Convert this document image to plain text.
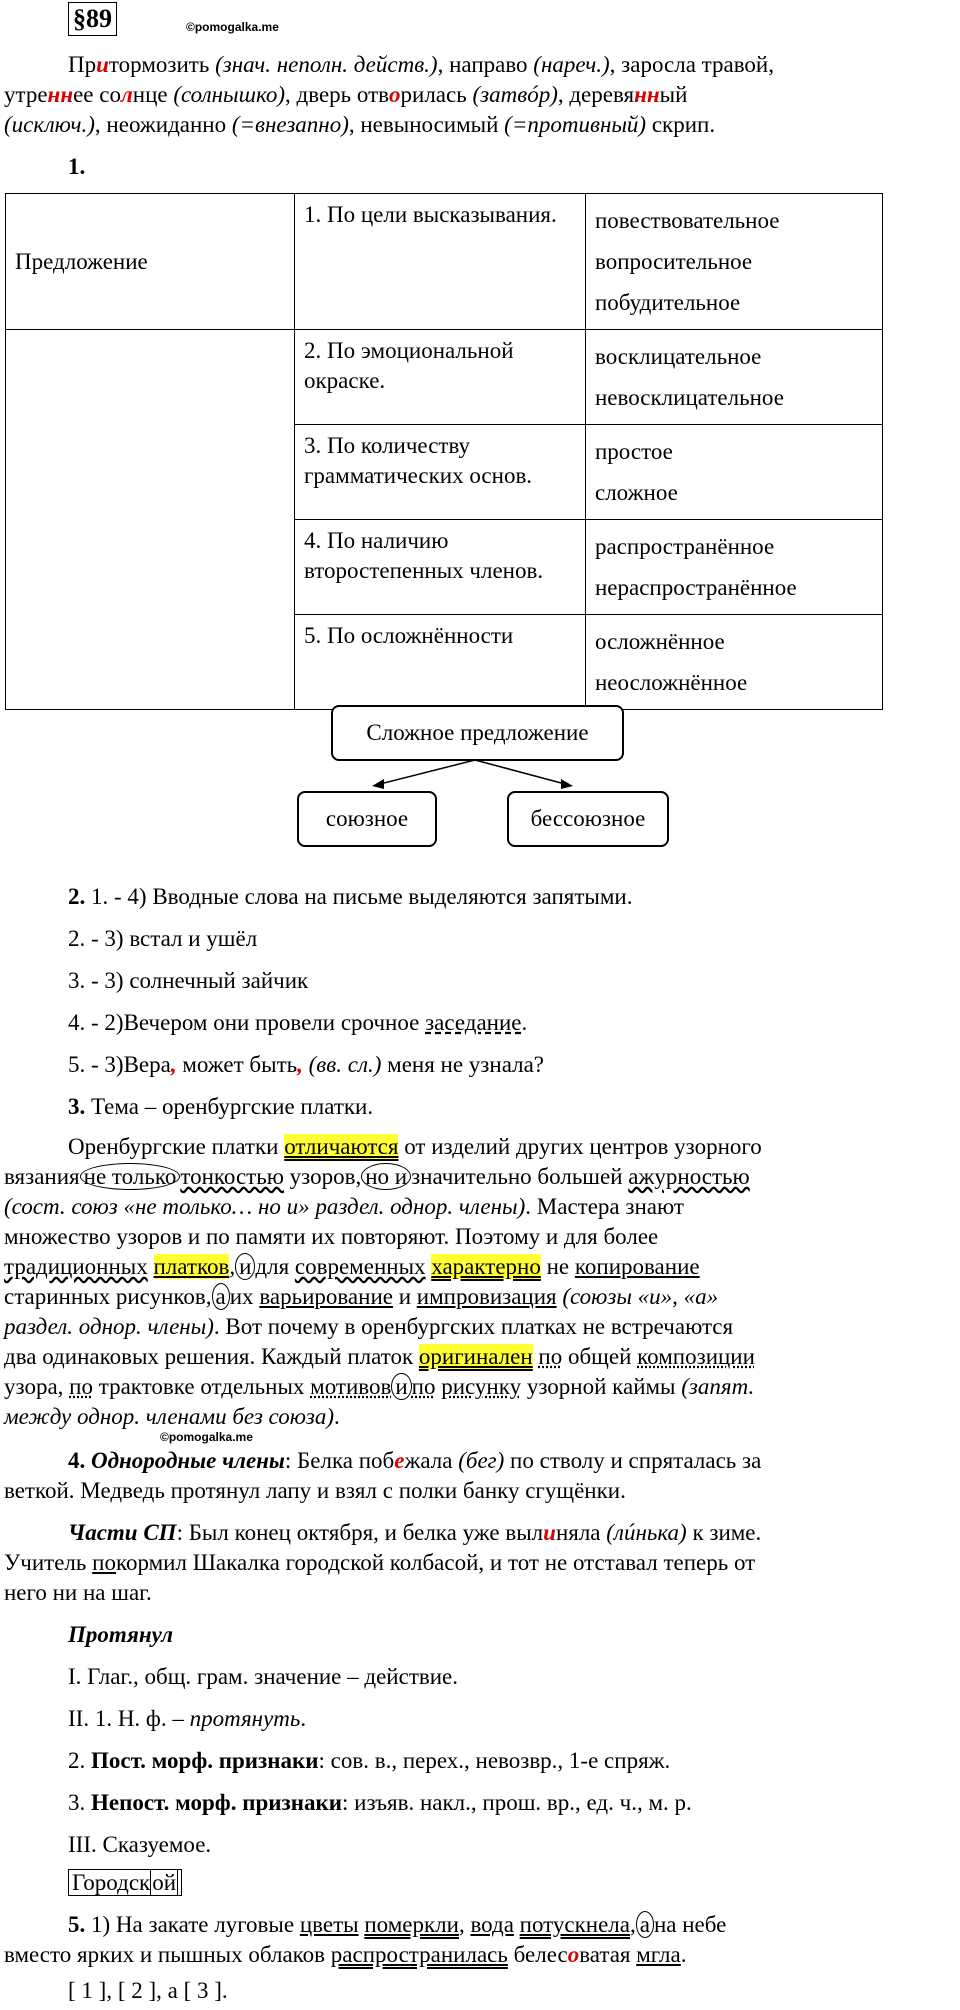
§89	©pomogalka.me
Притормозить (знач. неполн. действ.), направо (нареч.), заросла травой,
утреннее солнце (солнышко), дверь отворилась (затвóр), деревянный
(исключ.), неожиданно (=внезапно), невыносимый (=противный) скрип.
1.
Предложение	1. По цели высказывания.	повествовательное
вопросительное
побудительное

	2. По эмоциональной окраске.	восклицательное
невосклицательное

	3. По количеству грамматических основ.	простое
сложное

	4. По наличию второстепенных членов.	распространённое
нераспространённое

	5. По осложнённости	осложнённое
неосложнённое
Сложное предложение
союзное	бессоюзное
2. 1. - 4) Вводные слова на письме выделяются запятыми.
2. - 3) встал и ушёл
3. - 3) солнечный зайчик
4. - 2)Вечером они провели срочное заседание.
5. - 3)Вера, может быть, (вв. сл.) меня не узнала?
3. Тема – оренбургские платки.
Оренбургские платки отличаются от изделий других центров узорного
вязания не только тонкостью узоров, но и значительно большей ажурностью
(сост. союз «не только… но и» раздел. однор. члены). Мастера знают
множество узоров и по памяти их повторяют. Поэтому и для более
традиционных платков, и для современных характерно не копирование
старинных рисунков, а их варьирование и импровизация (союзы «и», «а»
раздел. однор. члены). Вот почему в оренбургских платках не встречаются
два одинаковых решения. Каждый платок оригинален по общей композиции
узора, по трактовке отдельных мотивов и по рисунку узорной каймы (запят.
между однор. членами без союза).
©pomogalka.me
4. Однородные члены: Белка побежала (бег) по стволу и спряталась за
веткой. Медведь протянул лапу и взял с полки банку сгущёнки.
Части СП: Был конец октября, и белка уже вылиняла (лúнька) к зиме.
Учитель покормил Шакалка городской колбасой, и тот не отставал теперь от
него ни на шаг.
Протянул
I. Глаг., общ. грам. значение – действие.
II. 1. Н. ф. – протянуть.
2. Пост. морф. признаки: сов. в., перех., невозвр., 1-е спряж.
3. Непост. морф. признаки: изъяв. накл., прош. вр., ед. ч., м. р.
III. Сказуемое.
Городской
5. 1) На закате луговые цветы померкли, вода потускнела, а на небе
вместо ярких и пышных облаков распространилась белесоватая мгла.
[ 1 ], [ 2 ], а [ 3 ].
